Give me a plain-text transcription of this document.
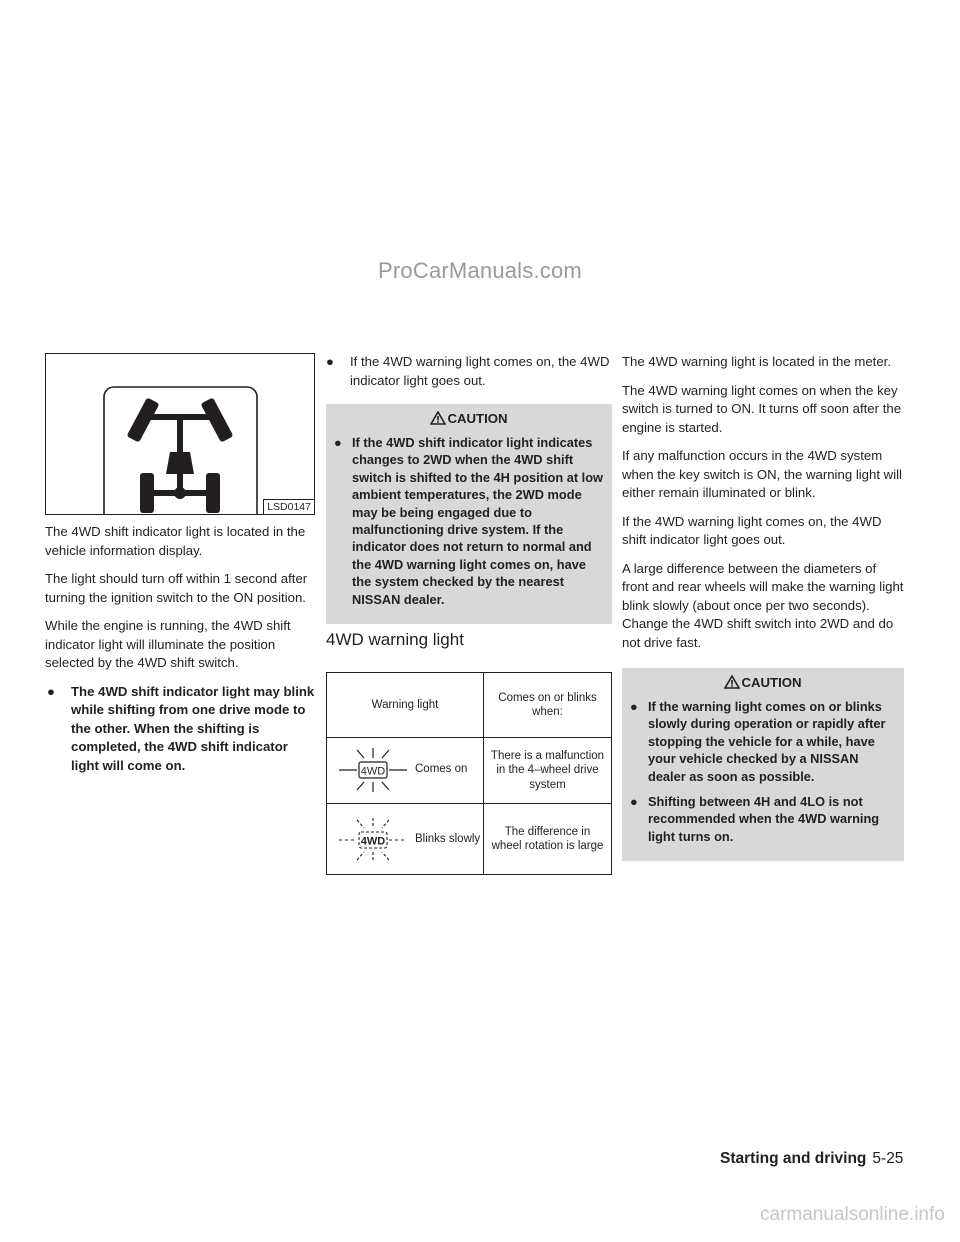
ProCarManuals.com
carmanualsonline.info
LSD0147

The 4WD shift indicator light is located in the vehicle information display.

The light should turn off within 1 second after turning the ignition switch to the ON position.

While the engine is running, the 4WD shift indicator light will illuminate the position selected by the 4WD shift switch.

● The 4WD shift indicator light may blink while shifting from one drive mode to the other. When the shifting is completed, the 4WD shift indicator light will come on.
● If the 4WD warning light comes on, the 4WD indicator light goes out.
CAUTION
● If the 4WD shift indicator light indicates changes to 2WD when the 4WD shift switch is shifted to the 4H position at low ambient temperatures, the 2WD mode may be being engaged due to malfunctioning drive system. If the indicator does not return to normal and the 4WD warning light comes on, have the system checked by the nearest NISSAN dealer.
4WD warning light
Warning light	Comes on or blinks when:

4WD Comes on	There is a malfunction in the 4–wheel drive system

4WD Blinks slowly	The difference in wheel rotation is large

The 4WD warning light is located in the meter.

The 4WD warning light comes on when the key switch is turned to ON. It turns off soon after the engine is started.

If any malfunction occurs in the 4WD system when the key switch is ON, the warning light will either remain illuminated or blink.

If the 4WD warning light comes on, the 4WD shift indicator light goes out.

A large difference between the diameters of front and rear wheels will make the warning light blink slowly (about once per two seconds). Change the 4WD shift switch into 2WD and do not drive fast.

CAUTION
● If the warning light comes on or blinks slowly during operation or rapidly after stopping the vehicle for a while, have your vehicle checked by a NISSAN dealer as soon as possible.
● Shifting between 4H and 4LO is not recommended when the 4WD warning light turns on.
Starting and driving 5-25
